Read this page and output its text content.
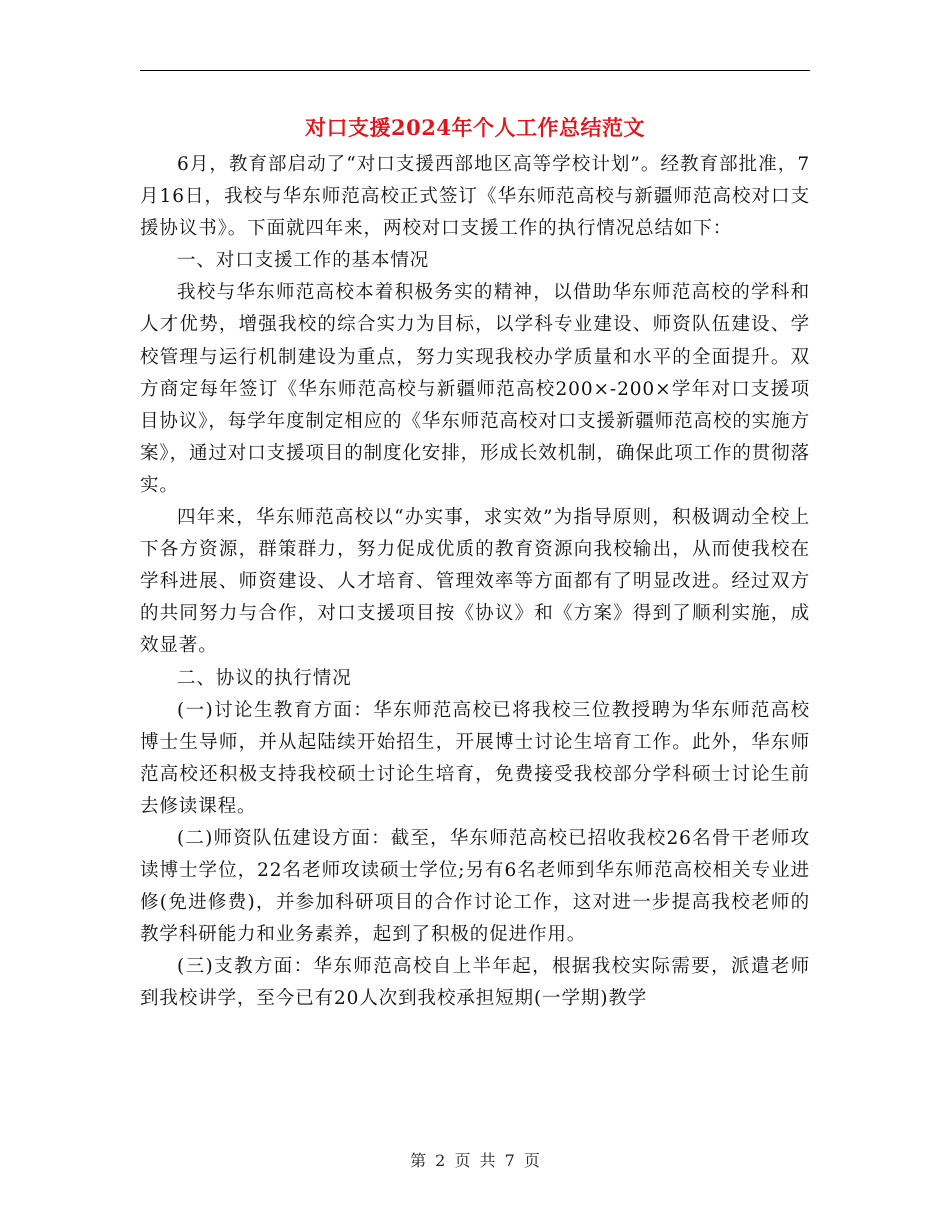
对口支援2024年个人工作总结范文

6月，教育部启动了“对口支援西部地区高等学校计划”。经教育部批准，7月16日，我校与华东师范高校正式签订《华东师范高校与新疆师范高校对口支援协议书》。下面就四年来，两校对口支援工作的执行情况总结如下：

一、对口支援工作的基本情况

我校与华东师范高校本着积极务实的精神，以借助华东师范高校的学科和人才优势，增强我校的综合实力为目标，以学科专业建设、师资队伍建设、学校管理与运行机制建设为重点，努力实现我校办学质量和水平的全面提升。双方商定每年签订《华东师范高校与新疆师范高校200×-200×学年对口支援项目协议》，每学年度制定相应的《华东师范高校对口支援新疆师范高校的实施方案》，通过对口支援项目的制度化安排，形成长效机制，确保此项工作的贯彻落实。

四年来，华东师范高校以“办实事，求实效”为指导原则，积极调动全校上下各方资源，群策群力，努力促成优质的教育资源向我校输出，从而使我校在学科进展、师资建设、人才培育、管理效率等方面都有了明显改进。经过双方的共同努力与合作，对口支援项目按《协议》和《方案》得到了顺利实施，成效显著。

二、协议的执行情况

(一)讨论生教育方面：华东师范高校已将我校三位教授聘为华东师范高校博士生导师，并从起陆续开始招生，开展博士讨论生培育工作。此外，华东师范高校还积极支持我校硕士讨论生培育，免费接受我校部分学科硕士讨论生前去修读课程。

(二)师资队伍建设方面：截至，华东师范高校已招收我校26名骨干老师攻读博士学位，22名老师攻读硕士学位;另有6名老师到华东师范高校相关专业进修(免进修费)，并参加科研项目的合作讨论工作，这对进一步提高我校老师的教学科研能力和业务素养，起到了积极的促进作用。

(三)支教方面：华东师范高校自上半年起，根据我校实际需要，派遣老师到我校讲学，至今已有20人次到我校承担短期(一学期)教学

第 2 页 共 7 页
